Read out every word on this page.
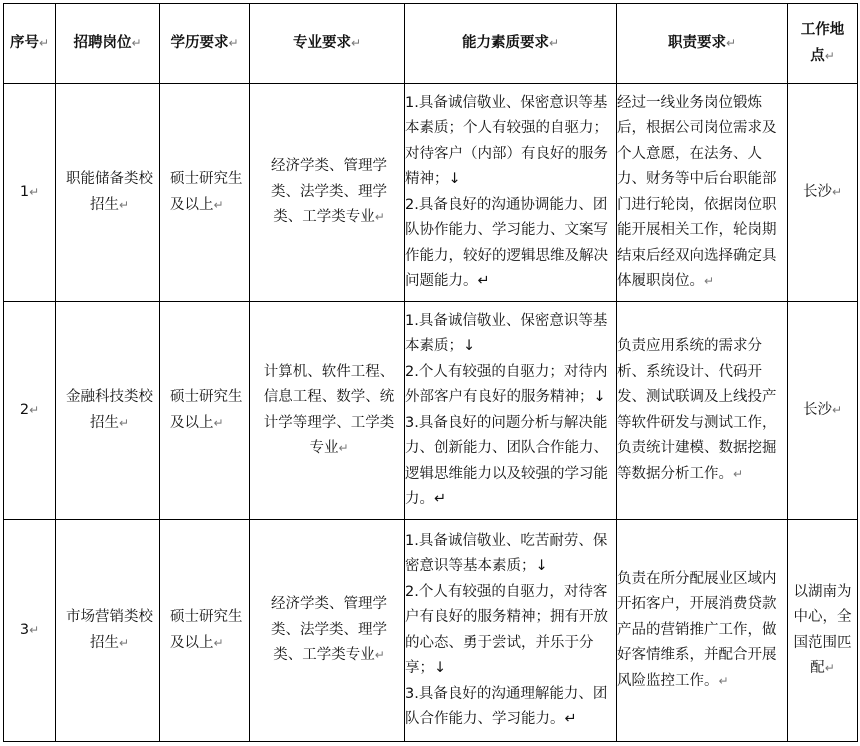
序号↵	招聘岗位↵	学历要求↵	专业要求↵	能力素质要求↵	职责要求↵	工作地点↵
1↵	职能储备类校招生↵	硕士研究生及以上↵	经济学类、管理学类、法学类、理学类、工学类专业↵	1.具备诚信敬业、保密意识等基本素质；个人有较强的自驱力；对待客户（内部）有良好的服务精神；↓
2.具备良好的沟通协调能力、团队协作能力、学习能力、文案写作能力，较好的逻辑思维及解决问题能力。↵	经过一线业务岗位锻炼后，根据公司岗位需求及个人意愿，在法务、人力、财务等中后台职能部门进行轮岗，依据岗位职能开展相关工作，轮岗期结束后经双向选择确定具体履职岗位。↵	长沙↵
2↵	金融科技类校招生↵	硕士研究生及以上↵	计算机、软件工程、信息工程、数学、统计学等理学、工学类专业↵	1.具备诚信敬业、保密意识等基本素质；↓
2.个人有较强的自驱力；对待内外部客户有良好的服务精神；↓
3.具备良好的问题分析与解决能力、创新能力、团队合作能力、逻辑思维能力以及较强的学习能力。↵	负责应用系统的需求分析、系统设计、代码开发、测试联调及上线投产等软件研发与测试工作，负责统计建模、数据挖掘等数据分析工作。↵	长沙↵
3↵	市场营销类校招生↵	硕士研究生及以上↵	经济学类、管理学类、法学类、理学类、工学类专业↵	1.具备诚信敬业、吃苦耐劳、保密意识等基本素质；↓
2.个人有较强的自驱力，对待客户有良好的服务精神；拥有开放的心态、勇于尝试，并乐于分享；↓
3.具备良好的沟通理解能力、团队合作能力、学习能力。↵	负责在所分配展业区域内开拓客户，开展消费贷款产品的营销推广工作，做好客情维系，并配合开展风险监控工作。↵	以湖南为中心，全国范围匹配↵
